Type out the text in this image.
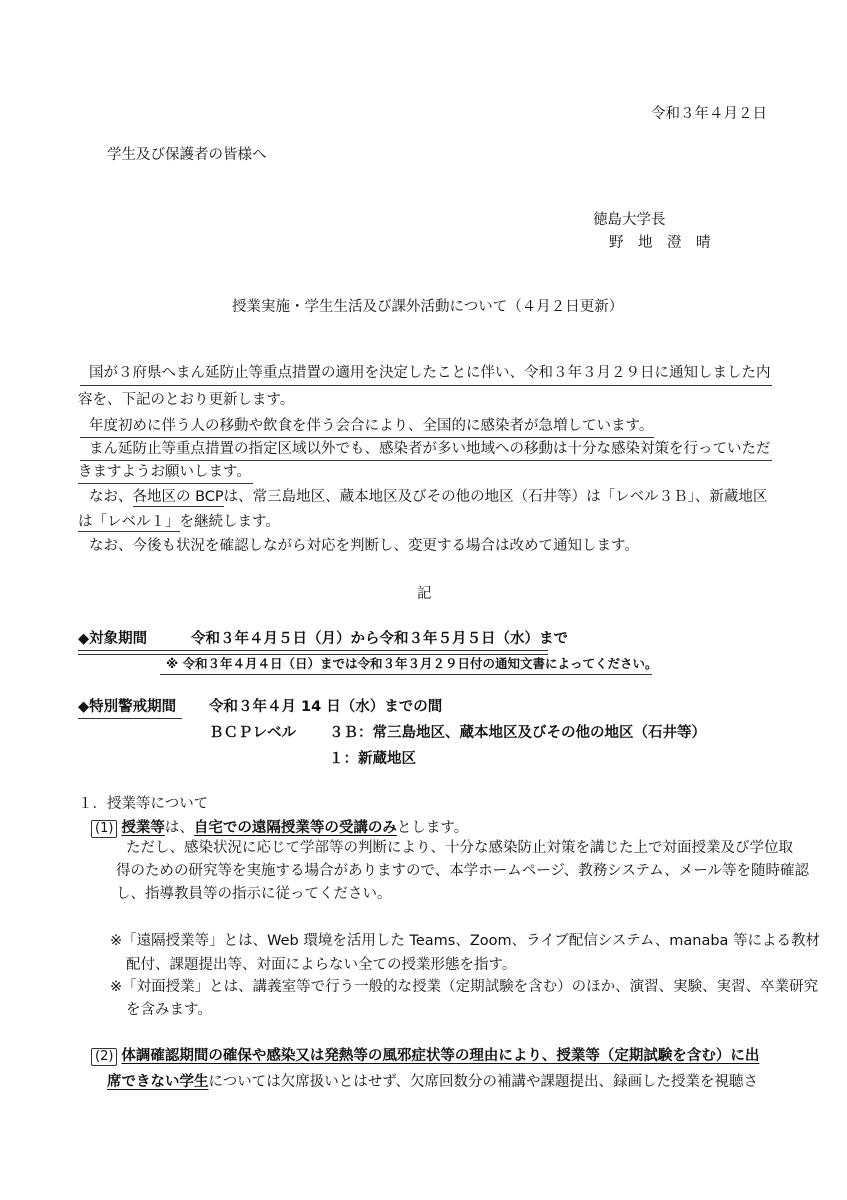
令和３年４月２日
学生及び保護者の皆様へ
徳島大学長
野　地　澄　晴
授業実施・学生生活及び課外活動について（４月２日更新）
国が３府県へまん延防止等重点措置の適用を決定したことに伴い、令和３年３月２９日に通知しました内
容を、下記のとおり更新します。
年度初めに伴う人の移動や飲食を伴う会合により、全国的に感染者が急増しています。
まん延防止等重点措置の指定区域以外でも、感染者が多い地域への移動は十分な感染対策を行っていただ
きますようお願いします。
なお、各地区の BCPは、常三島地区、蔵本地区及びその他の地区（石井等）は「レベル３Ｂ」、新蔵地区
は「レベル１」を継続します。
なお、今後も状況を確認しながら対応を判断し、変更する場合は改めて通知します。
記
◆対象期間	令和３年４月５日（月）から令和３年５月５日（水）まで
※ 令和３年４月４日（日）までは令和３年３月２９日付の通知文書によってください。
◆特別警戒期間 令和３年４月 14 日（水）までの間
ＢＣＰレベル ３Ｂ：常三島地区、蔵本地区及びその他の地区（石井等）
１：新蔵地区
１．授業等について
(1) 授業等は、自宅での遠隔授業等の受講のみとします。
ただし、感染状況に応じて学部等の判断により、十分な感染防止対策を講じた上で対面授業及び学位取
得のための研究等を実施する場合がありますので、本学ホームページ、教務システム、メール等を随時確認
し、指導教員等の指示に従ってください。
※「遠隔授業等」とは、Web 環境を活用した Teams、Zoom、ライブ配信システム、manaba 等による教材
配付、課題提出等、対面によらない全ての授業形態を指す。
※「対面授業」とは、講義室等で行う一般的な授業（定期試験を含む）のほか、演習、実験、実習、卒業研究
を含みます。
(2) 体調確認期間の確保や感染又は発熱等の風邪症状等の理由により、授業等（定期試験を含む）に出
席できない学生については欠席扱いとはせず、欠席回数分の補講や課題提出、録画した授業を視聴さ
